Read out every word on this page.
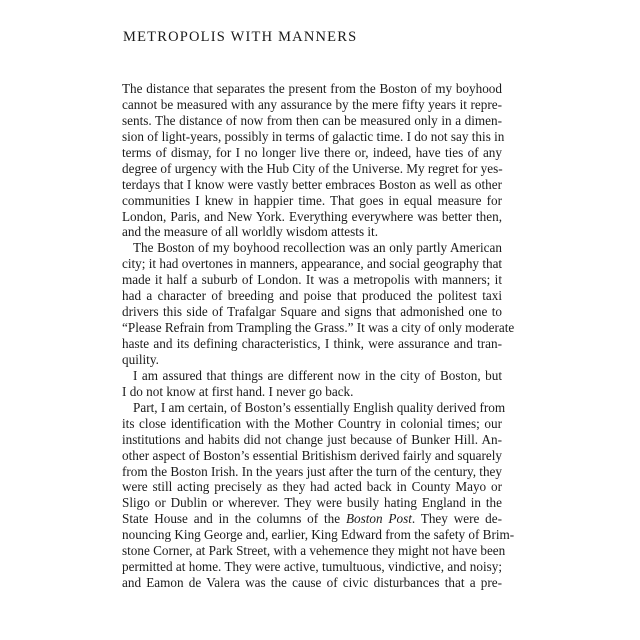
METROPOLIS WITH MANNERS
The distance that separates the present from the Boston of my boyhood
cannot be measured with any assurance by the mere fifty years it repre-
sents. The distance of now from then can be measured only in a dimen-
sion of light-years, possibly in terms of galactic time. I do not say this in
terms of dismay, for I no longer live there or, indeed, have ties of any
degree of urgency with the Hub City of the Universe. My regret for yes-
terdays that I know were vastly better embraces Boston as well as other
communities I knew in happier time. That goes in equal measure for
London, Paris, and New York. Everything everywhere was better then,
and the measure of all worldly wisdom attests it.
The Boston of my boyhood recollection was an only partly American
city; it had overtones in manners, appearance, and social geography that
made it half a suburb of London. It was a metropolis with manners; it
had a character of breeding and poise that produced the politest taxi
drivers this side of Trafalgar Square and signs that admonished one to
“Please Refrain from Trampling the Grass.” It was a city of only moderate
haste and its defining characteristics, I think, were assurance and tran-
quility.
I am assured that things are different now in the city of Boston, but
I do not know at first hand. I never go back.
Part, I am certain, of Boston’s essentially English quality derived from
its close identification with the Mother Country in colonial times; our
institutions and habits did not change just because of Bunker Hill. An-
other aspect of Boston’s essential Britishism derived fairly and squarely
from the Boston Irish. In the years just after the turn of the century, they
were still acting precisely as they had acted back in County Mayo or
Sligo or Dublin or wherever. They were busily hating England in the
State House and in the columns of the Boston Post. They were de-
nouncing King George and, earlier, King Edward from the safety of Brim-
stone Corner, at Park Street, with a vehemence they might not have been
permitted at home. They were active, tumultuous, vindictive, and noisy;
and Eamon de Valera was the cause of civic disturbances that a pre-
